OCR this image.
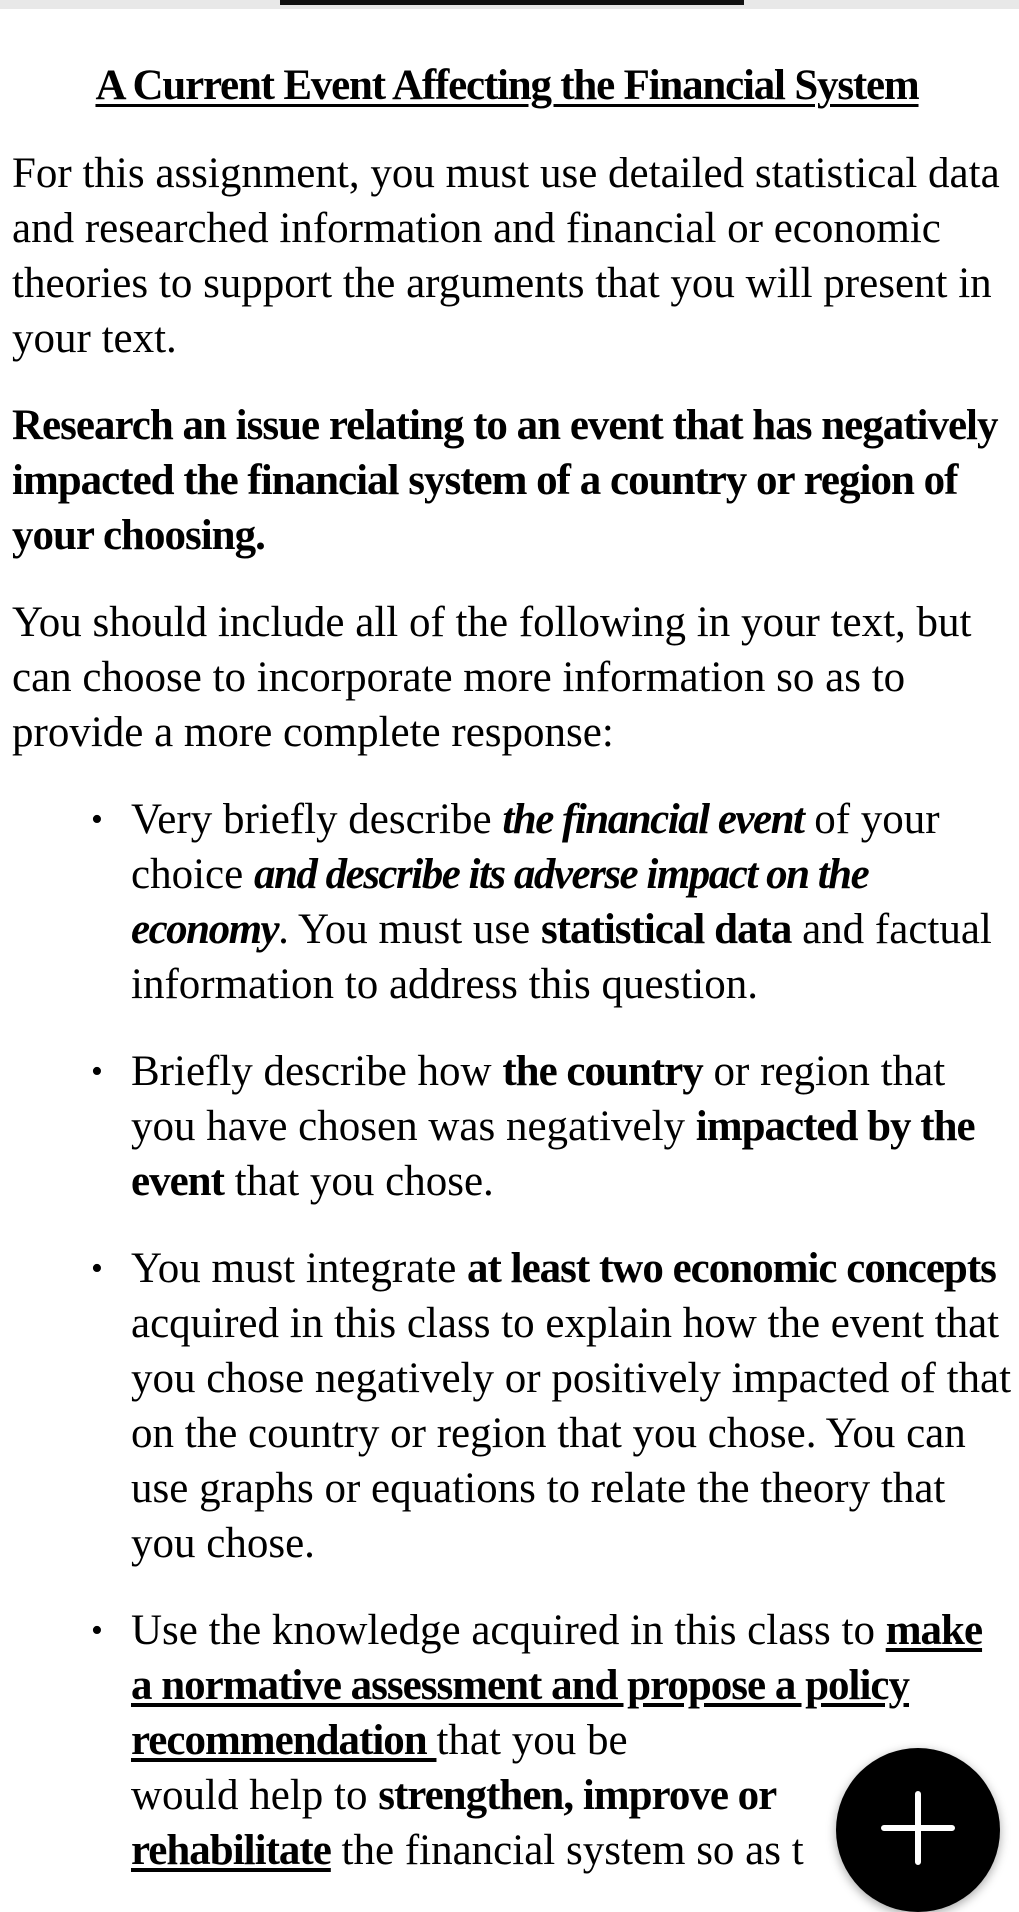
A Current Event Affecting the Financial System

For this assignment, you must use detailed statistical data and researched information and financial or economic theories to support the arguments that you will present in your text.

Research an issue relating to an event that has negatively impacted the financial system of a country or region of your choosing.

You should include all of the following in your text, but can choose to incorporate more information so as to provide a more complete response:

• Very briefly describe the financial event of your choice and describe its adverse impact on the economy. You must use statistical data and factual information to address this question.
• Briefly describe how the country or region that you have chosen was negatively impacted by the event that you chose.
• You must integrate at least two economic concepts acquired in this class to explain how the event that you chose negatively or positively impacted of that on the country or region that you chose. You can use graphs or equations to relate the theory that you chose.
• Use the knowledge acquired in this class to make a normative assessment and propose a policy recommendation that you be
would help to strengthen, improve or
rehabilitate the financial system so as t
